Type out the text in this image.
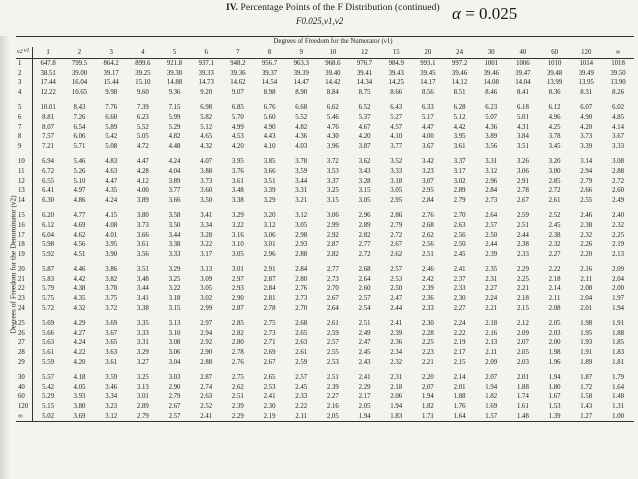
IV. Percentage Points of the F Distribution (continued)
F0.025,ν1,ν2	α = 0.025
Degrees of Freedom for the Denominator (ν2)
	Degrees of Freedom for the Numerator (ν1)																		

ν1
ν2	1	2	3	4	5	6	7	8	9	10	12	15	20	24	30	40	60	120	∞
1	647.8	799.5	864.2	899.6	921.8	937.1	948.2	956.7	963.3	968.6	976.7	984.9	993.1	997.2	1001	1006	1010	1014	1018
2	38.51	39.00	39.17	39.25	39.30	39.33	39.36	39.37	39.39	39.40	39.41	39.43	39.45	39.46	39.46	39.47	39.48	39.49	39.50
3	17.44	16.04	15.44	15.10	14.88	14.73	14.62	14.54	14.47	14.42	14.34	14.25	14.17	14.12	14.08	14.04	13.99	13.95	13.90
4	12.22	10.65	9.98	9.60	9.36	9.20	9.07	8.98	8.90	8.84	8.75	8.66	8.56	8.51	8.46	8.41	8.36	8.31	8.26
5	10.01	8.43	7.76	7.39	7.15	6.98	6.85	6.76	6.68	6.62	6.52	6.43	6.33	6.28	6.23	6.18	6.12	6.07	6.02
6	8.81	7.26	6.60	6.23	5.99	5.82	5.70	5.60	5.52	5.46	5.37	5.27	5.17	5.12	5.07	5.01	4.96	4.90	4.85
7	8.07	6.54	5.89	5.52	5.29	5.12	4.99	4.90	4.82	4.76	4.67	4.57	4.47	4.42	4.36	4.31	4.25	4.20	4.14
8	7.57	6.06	5.42	5.05	4.82	4.65	4.53	4.43	4.36	4.30	4.20	4.10	4.00	3.95	3.89	3.84	3.78	3.73	3.67
9	7.21	5.71	5.08	4.72	4.48	4.32	4.20	4.10	4.03	3.96	3.87	3.77	3.67	3.61	3.56	3.51	3.45	3.39	3.33
10	6.94	5.46	4.83	4.47	4.24	4.07	3.95	3.85	3.78	3.72	3.62	3.52	3.42	3.37	3.31	3.26	3.20	3.14	3.08
11	6.72	5.26	4.63	4.28	4.04	3.88	3.76	3.66	3.59	3.53	3.43	3.33	3.23	3.17	3.12	3.06	3.00	2.94	2.88
12	6.55	5.10	4.47	4.12	3.89	3.73	3.61	3.51	3.44	3.37	3.28	3.18	3.07	3.02	2.96	2.91	2.85	2.79	2.72
13	6.41	4.97	4.35	4.00	3.77	3.60	3.48	3.39	3.31	3.25	3.15	3.05	2.95	2.89	2.84	2.78	2.72	2.66	2.60
14	6.30	4.86	4.24	3.89	3.66	3.50	3.38	3.29	3.21	3.15	3.05	2.95	2.84	2.79	2.73	2.67	2.61	2.55	2.49
15	6.20	4.77	4.15	3.80	3.58	3.41	3.29	3.20	3.12	3.06	2.96	2.86	2.76	2.70	2.64	2.59	2.52	2.46	2.40
16	6.12	4.69	4.08	3.73	3.50	3.34	3.22	3.12	3.05	2.99	2.89	2.79	2.68	2.63	2.57	2.51	2.45	2.38	2.32
17	6.04	4.62	4.01	3.66	3.44	3.28	3.16	3.06	2.98	2.92	2.82	2.72	2.62	2.56	2.50	2.44	2.38	2.32	2.25
18	5.98	4.56	3.95	3.61	3.38	3.22	3.10	3.01	2.93	2.87	2.77	2.67	2.56	2.50	2.44	2.38	2.32	2.26	2.19
19	5.92	4.51	3.90	3.56	3.33	3.17	3.05	2.96	2.88	2.82	2.72	2.62	2.51	2.45	2.39	2.33	2.27	2.20	2.13
20	5.87	4.46	3.86	3.51	3.29	3.13	3.01	2.91	2.84	2.77	2.68	2.57	2.46	2.41	2.35	2.29	2.22	2.16	2.09
21	5.83	4.42	3.82	3.48	3.25	3.09	2.97	2.87	2.80	2.73	2.64	2.53	2.42	2.37	2.31	2.25	2.18	2.11	2.04
22	5.79	4.38	3.78	3.44	3.22	3.05	2.93	2.84	2.76	2.70	2.60	2.50	2.39	2.33	2.27	2.21	2.14	2.08	2.00
23	5.75	4.35	3.75	3.41	3.18	3.02	2.90	2.81	2.73	2.67	2.57	2.47	2.36	2.30	2.24	2.18	2.11	2.04	1.97
24	5.72	4.32	3.72	3.38	3.15	2.99	2.87	2.78	2.70	2.64	2.54	2.44	2.33	2.27	2.21	2.15	2.08	2.01	1.94
25	5.69	4.29	3.69	3.35	3.13	2.97	2.85	2.75	2.68	2.61	2.51	2.41	2.30	2.24	2.18	2.12	2.05	1.98	1.91
26	5.66	4.27	3.67	3.33	3.10	2.94	2.82	2.73	2.65	2.59	2.49	2.39	2.28	2.22	2.16	2.09	2.03	1.95	1.88
27	5.63	4.24	3.65	3.31	3.08	2.92	2.80	2.71	2.63	2.57	2.47	2.36	2.25	2.19	2.13	2.07	2.00	1.93	1.85
28	5.61	4.22	3.63	3.29	3.06	2.90	2.78	2.69	2.61	2.55	2.45	2.34	2.23	2.17	2.11	2.05	1.98	1.91	1.83
29	5.59	4.20	3.61	3.27	3.04	2.88	2.76	2.67	2.59	2.53	2.43	2.32	2.21	2.15	2.09	2.03	1.96	1.89	1.81
30	5.57	4.18	3.59	3.25	3.03	2.87	2.75	2.65	2.57	2.51	2.41	2.31	2.20	2.14	2.07	2.01	1.94	1.87	1.79
40	5.42	4.05	3.46	3.13	2.90	2.74	2.62	2.53	2.45	2.39	2.29	2.18	2.07	2.01	1.94	1.88	1.80	1.72	1.64
60	5.29	3.93	3.34	3.01	2.79	2.63	2.51	2.41	2.33	2.27	2.17	2.06	1.94	1.88	1.82	1.74	1.67	1.58	1.48
120	5.15	3.80	3.23	2.89	2.67	2.52	2.39	2.30	2.22	2.16	2.05	1.94	1.82	1.76	1.69	1.61	1.53	1.43	1.31
∞	5.02	3.69	3.12	2.79	2.57	2.41	2.29	2.19	2.11	2.05	1.94	1.83	1.71	1.64	1.57	1.48	1.39	1.27	1.00
